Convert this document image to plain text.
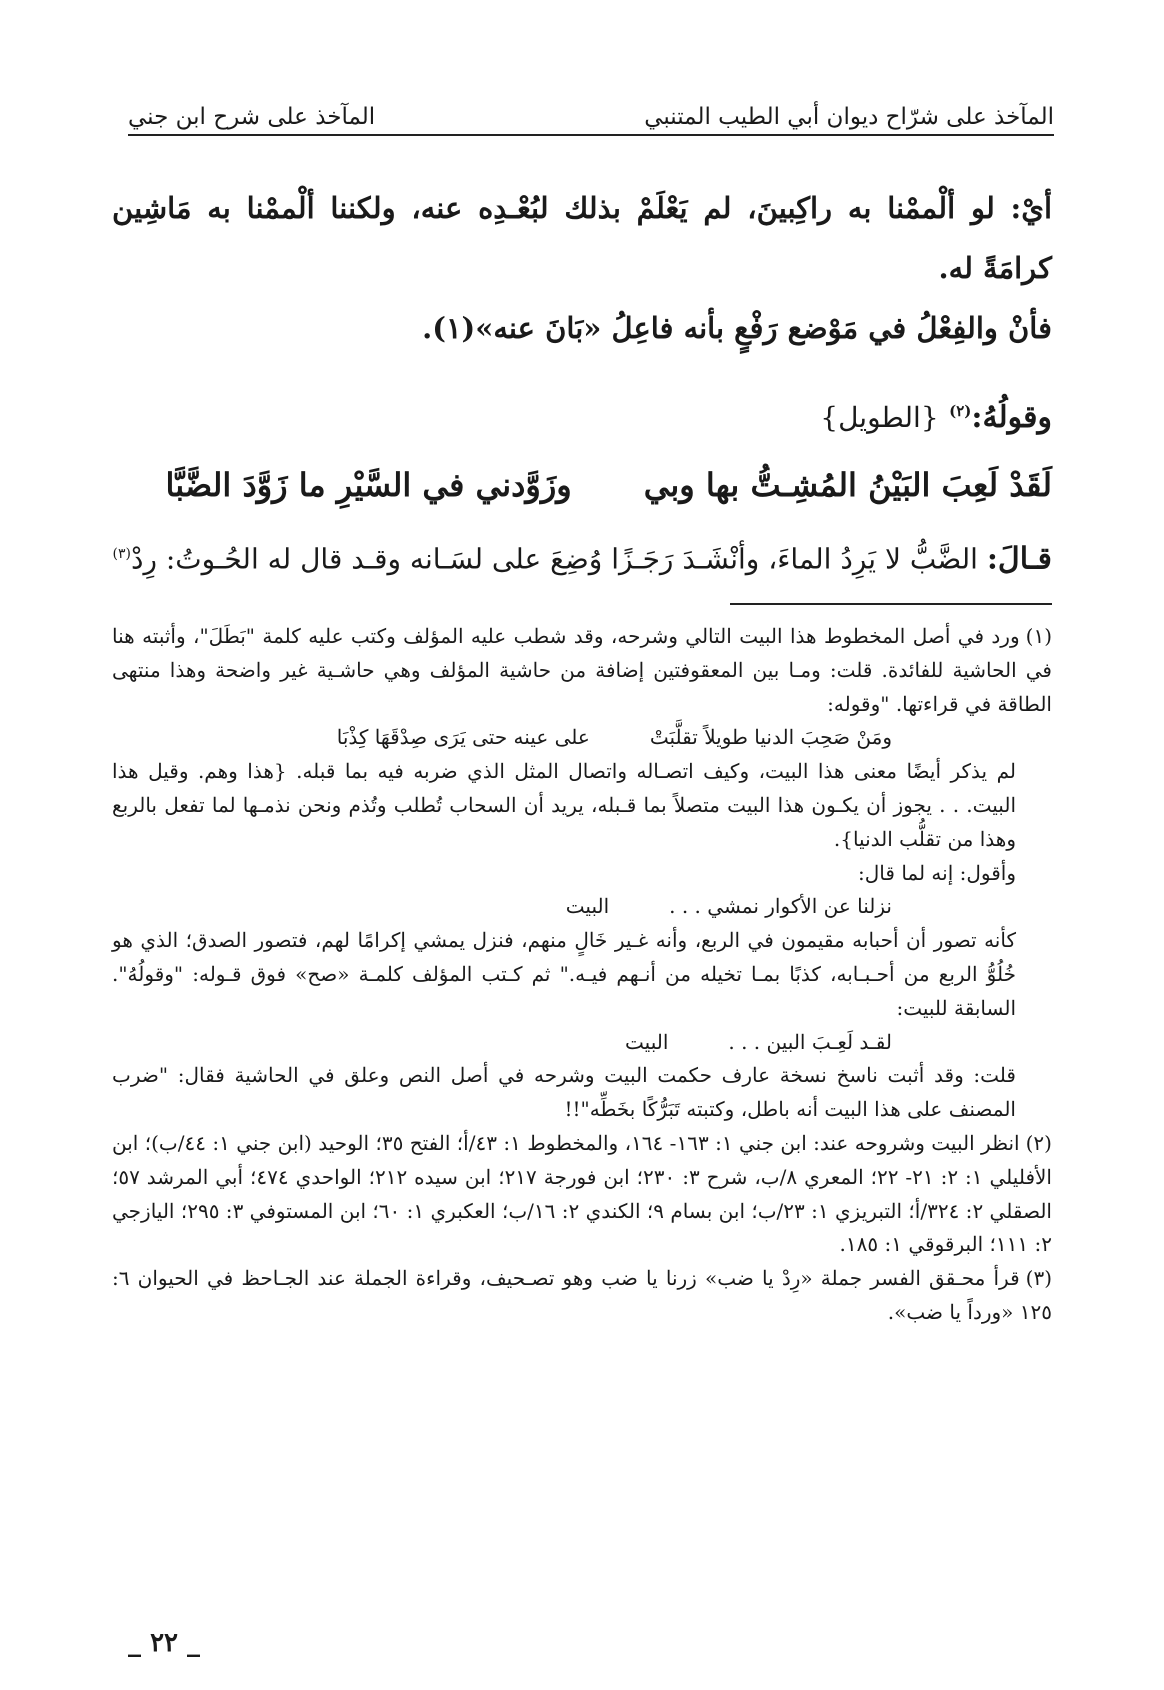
المآخذ على شرّاح ديوان أبي الطيب المتنبي
المآخذ على شرح ابن جني

أيْ: لو ألْممْنا به راكِبينَ، لم يَعْلَمْ بذلك لبُعْـدِه عنه، ولكننا ألْممْنا به مَاشِين كرامَةً له.

فأنْ والفِعْلُ في مَوْضع رَفْعٍ بأنه فاعِلُ «بَانَ عنه»(١).

وقولُهُ:$^{(٢)}$ {الطويل}
لَقَدْ لَعِبَ البَيْنُ المُشِـتُّ بها وبي
وزَوَّدني في السَّيْرِ ما زَوَّدَ الضَّبَّا
قـالَ: الضَّبُّ لا يَرِدُ الماءَ، وأنْشَـدَ رَجَـزًا وُضِعَ على لسَـانه وقـد قال له الحُـوتُ: رِدْ$^{(٣)}$

(١)ورد في أصل المخطوط هذا البيت التالي وشرحه، وقد شطب عليه المؤلف وكتب عليه كلمة "بَطَلَ"، وأثبته هنا في الحاشية للفائدة. قلت: ومـا بين المعقوفتين إضافة من حاشية المؤلف وهي حاشـية غير واضحة وهذا منتهى الطاقة في قراءتها. "وقوله:

ومَنْ صَحِبَ الدنيا طويلاً تقلَّبَتْعلى عينه حتى يَرَى صِدْقَهَا كِذْبَا

لم يذكر أيضًا معنى هذا البيت، وكيف اتصـاله واتصال المثل الذي ضربه فيه بما قبله. {هذا وهم. وقيل هذا البيت. . . يجوز أن يكـون هذا البيت متصلاً بما قـبله، يريد أن السحاب تُطلب وتُذم ونحن نذمـها لما تفعل بالربع وهذا من تقلُّب الدنيا}.

وأقول: إنه لما قال:

نزلنا عن الأكوار نمشي . . .البيت

كأنه تصور أن أحبابه مقيمون في الربع، وأنه غـير خَالٍ منهم، فنزل يمشي إكرامًا لهم، فتصور الصدق؛ الذي هو خُلُوُّ الربع من أحـبـابه، كذبًا بمـا تخيله من أنـهم فيـه." ثم كـتب المؤلف كلمـة «صح» فوق قـوله: "وقولُهُ". السابقة للبيت:

لقـد لَعِـبَ البين . . .البيت

قلت: وقد أثبت ناسخ نسخة عارف حكمت البيت وشرحه في أصل النص وعلق في الحاشية فقال: "ضرب المصنف على هذا البيت أنه باطل، وكتبته تَبَرُّكًا بخَطِّه"!!

(٢)انظر البيت وشروحه عند: ابن جني ١: ١٦٣- ١٦٤، والمخطوط ١: ٤٣/أ؛ الفتح ٣٥؛ الوحيد (ابن جني ١: ٤٤/ب)؛ ابن الأفليلي ١: ٢: ٢١- ٢٢؛ المعري ٨/ب، شرح ٣: ٢٣٠؛ ابن فورجة ٢١٧؛ ابن سيده ٢١٢؛ الواحدي ٤٧٤؛ أبي المرشد ٥٧؛ الصقلي ٢: ٣٢٤/أ؛ التبريزي ١: ٢٣/ب؛ ابن بسام ٩؛ الكندي ٢: ١٦/ب؛ العكبري ١: ٦٠؛ ابن المستوفي ٣: ٢٩٥؛ اليازجي ٢: ١١١؛ البرقوقي ١: ١٨٥.

(٣)قرأ محـقق الفسر جملة «رِدْ يا ضب» زرنا يا ضب وهو تصـحيف، وقراءة الجملة عند الجـاحظ في الحيوان ٦: ١٢٥ «ورداً يا ضب».

_ ٢٢ _
